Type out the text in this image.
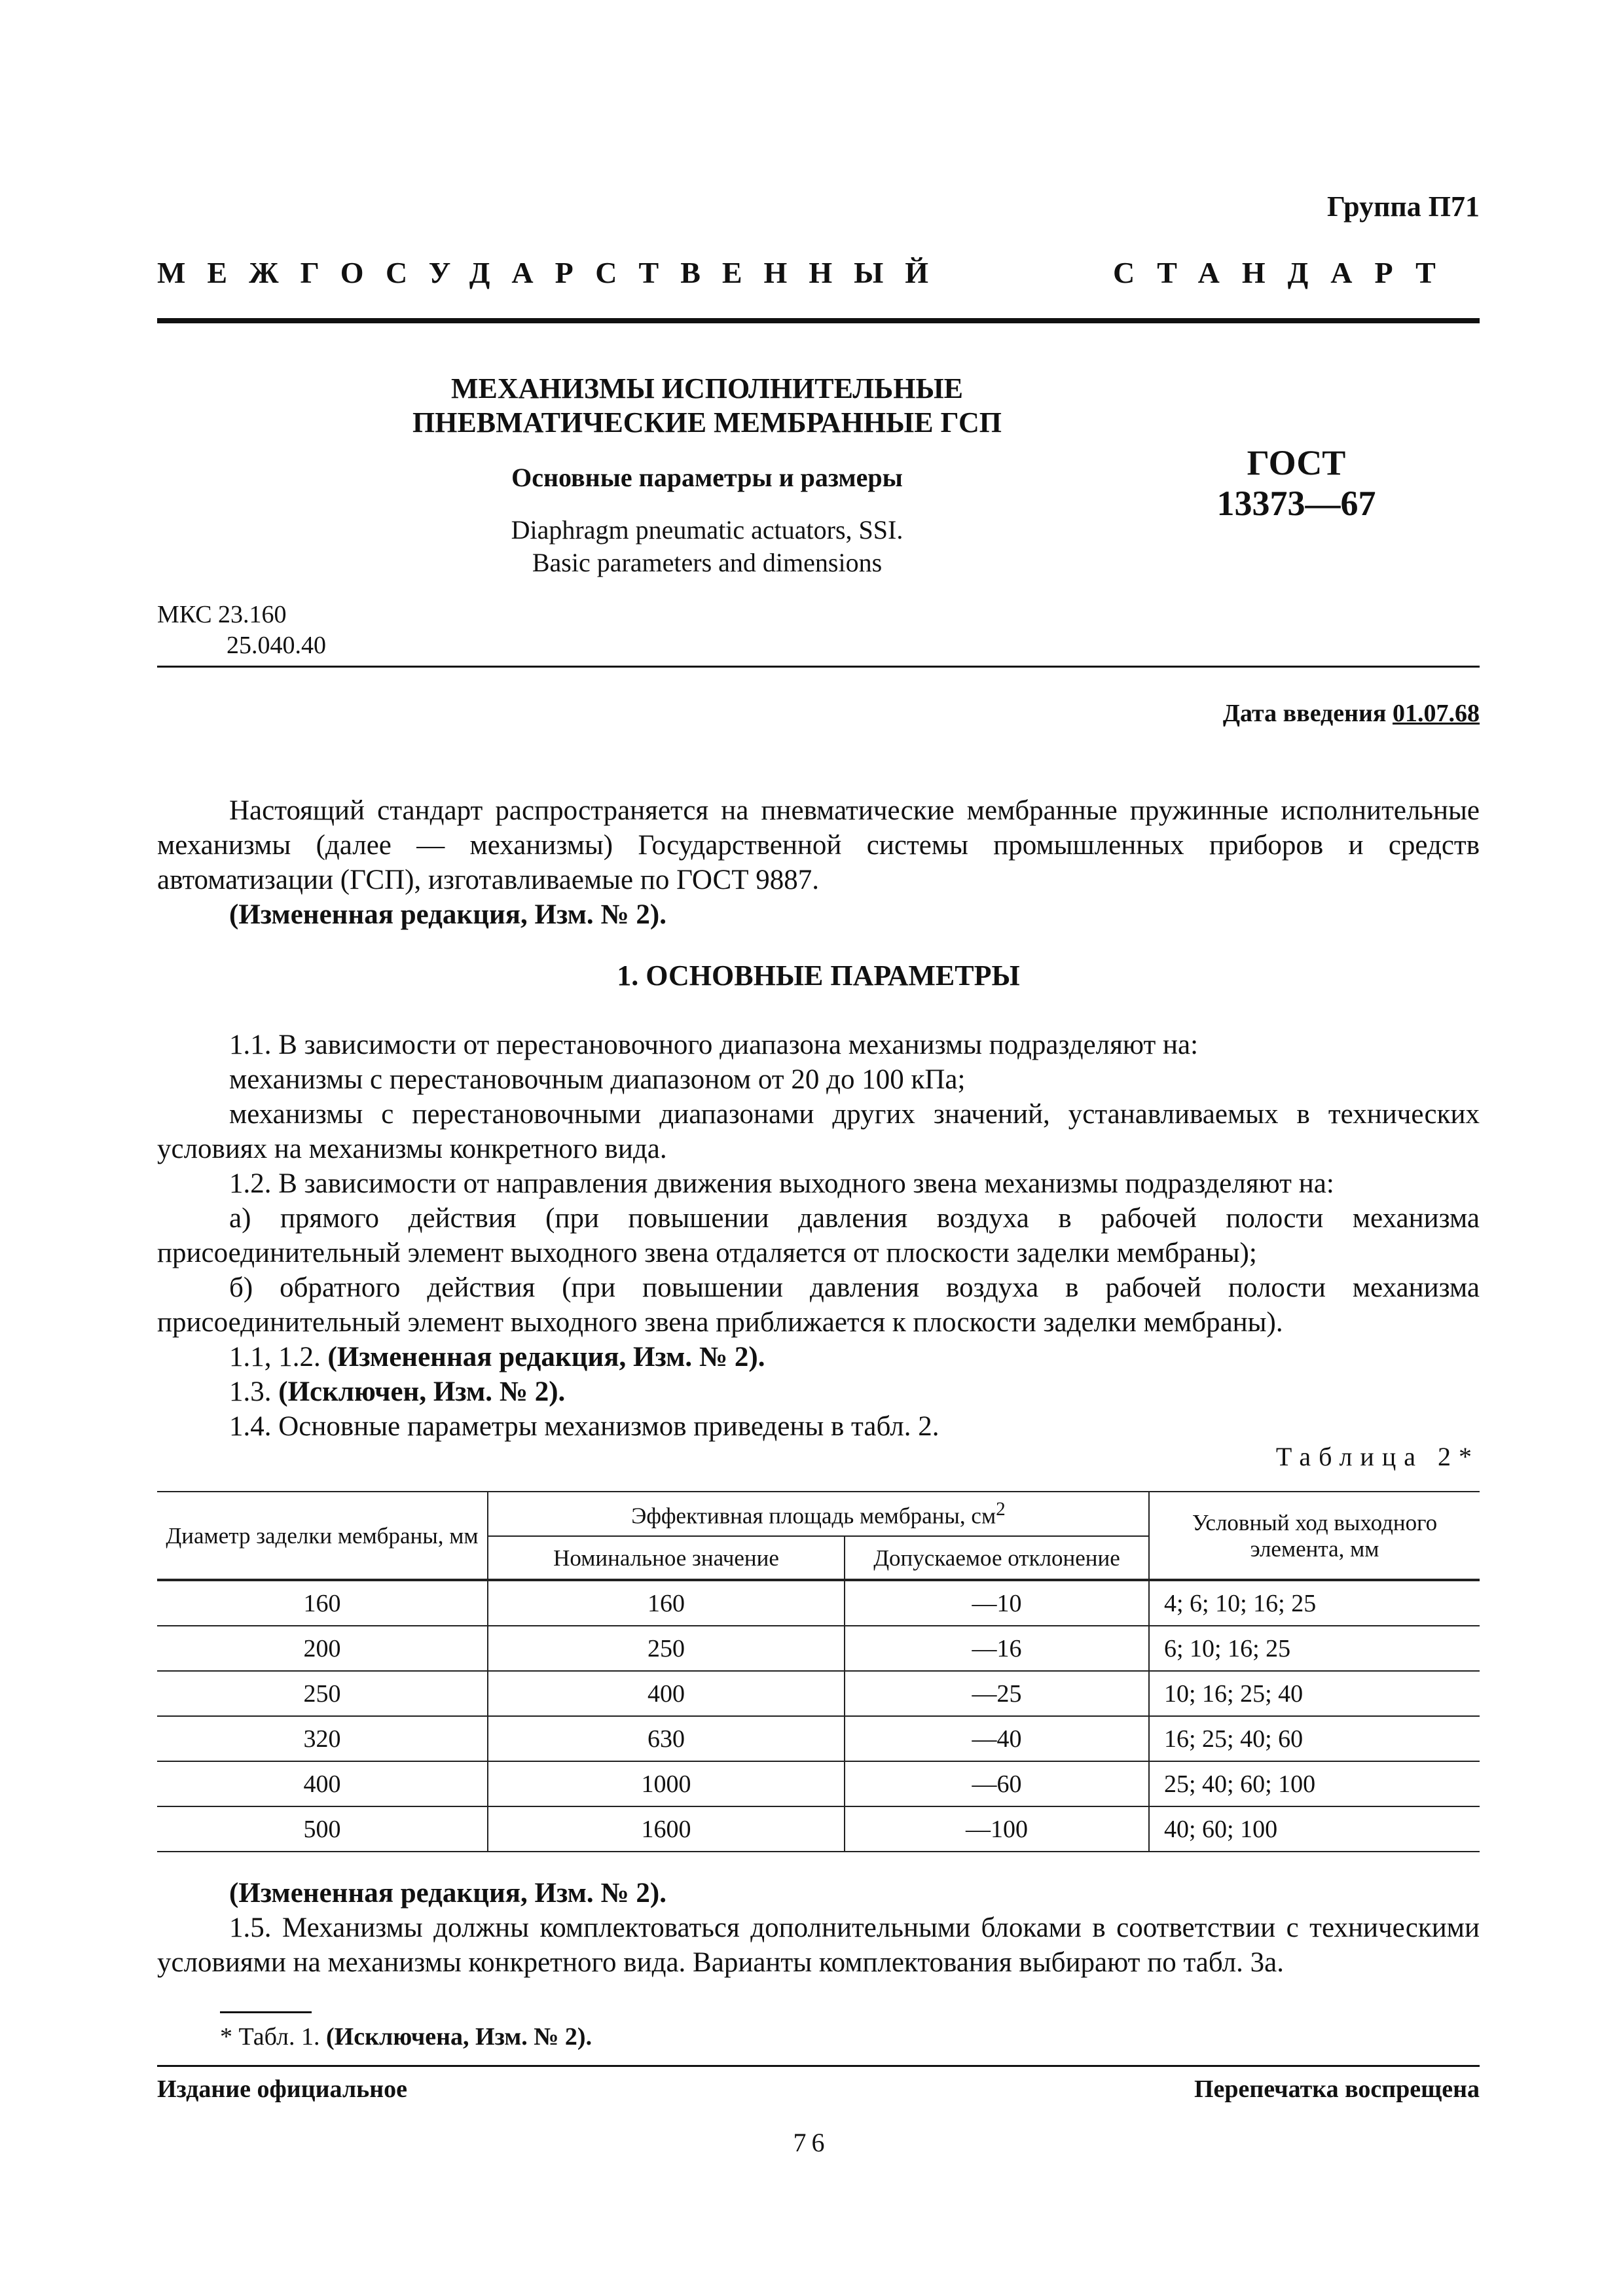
Группа П71
МЕЖГОСУДАРСТВЕННЫЙ	СТАНДАРТ
МЕХАНИЗМЫ ИСПОЛНИТЕЛЬНЫЕ
ПНЕВМАТИЧЕСКИЕ МЕМБРАННЫЕ ГСП
Основные параметры и размеры
Diaphragm pneumatic actuators, SSI.
Basic parameters and dimensions
ГОСТ
13373—67
МКС 23.160
25.040.40
Дата введения 01.07.68

Настоящий стандарт распространяется на пневматические мембранные пружинные исполнительные механизмы (далее — механизмы) Государственной системы промышленных приборов и средств автоматизации (ГСП), изготавливаемые по ГОСТ 9887.

(Измененная редакция, Изм. № 2).
1. ОСНОВНЫЕ ПАРАМЕТРЫ

1.1. В зависимости от перестановочного диапазона механизмы подразделяют на:

механизмы с перестановочным диапазоном от 20 до 100 кПа;

механизмы с перестановочными диапазонами других значений, устанавливаемых в технических условиях на механизмы конкретного вида.

1.2. В зависимости от направления движения выходного звена механизмы подразделяют на:

а) прямого действия (при повышении давления воздуха в рабочей полости механизма присоединительный элемент выходного звена отдаляется от плоскости заделки мембраны);

б) обратного действия (при повышении давления воздуха в рабочей полости механизма присоединительный элемент выходного звена приближается к плоскости заделки мембраны).

1.1, 1.2. (Измененная редакция, Изм. № 2).
1.3. (Исключен, Изм. № 2).

1.4. Основные параметры механизмов приведены в табл. 2.

Таблица 2*
Диаметр заделки мембраны, мм	Эффективная площадь мембраны, $см^2$		Условный ход выходного элемента, мм
	Номинальное значение	Допускаемое отклонение	
160	160	—10	4; 6; 10; 16; 25
200	250	—16	6; 10; 16; 25
250	400	—25	10; 16; 25; 40
320	630	—40	16; 25; 40; 60
400	1000	—60	25; 40; 60; 100
500	1600	—100	40; 60; 100
(Измененная редакция, Изм. № 2).

1.5. Механизмы должны комплектоваться дополнительными блоками в соответствии с техническими условиями на механизмы конкретного вида. Варианты комплектования выбирают по табл. 3а.

* Табл. 1. (Исключена, Изм. № 2).
Издание официальное	Перепечатка воспрещена
76
